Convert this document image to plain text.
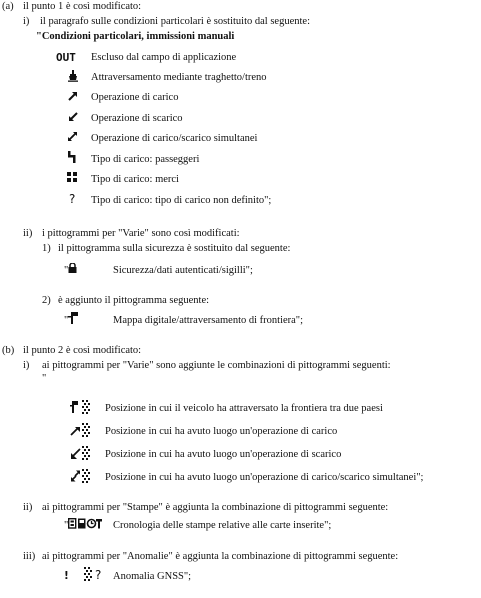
(a) il punto 1 è così modificato:
i) il paragrafo sulle condizioni particolari è sostituito dal seguente:
"Condizioni particolari, immissioni manuali
OUT Escluso dal campo di applicazione
Attraversamento mediante traghetto/treno
Operazione di carico
Operazione di scarico
Operazione di carico/scarico simultanei
Tipo di carico: passeggeri
Tipo di carico: merci
? Tipo di carico: tipo di carico non definito";
ii) i pittogrammi per "Varie" sono così modificati:
1) il pittogramma sulla sicurezza è sostituito dal seguente:
"	Sicurezza/dati autenticati/sigilli";
2) è aggiunto il pittogramma seguente:
"	Mappa digitale/attraversamento di frontiera";
(b) il punto 2 è così modificato:
i) ai pittogrammi per "Varie" sono aggiunte le combinazioni di pittogrammi seguenti:
"
Posizione in cui il veicolo ha attraversato la frontiera tra due paesi
Posizione in cui ha avuto luogo un'operazione di carico
Posizione in cui ha avuto luogo un'operazione di scarico
Posizione in cui ha avuto luogo un'operazione di carico/scarico simultanei";
ii) ai pittogrammi per "Stampe" è aggiunta la combinazione di pittogrammi seguente:
"	Cronologia delle stampe relative alle carte inserite";
iii) ai pittogrammi per "Anomalie" è aggiunta la combinazione di pittogrammi seguente:
! ? Anomalia GNSS";
